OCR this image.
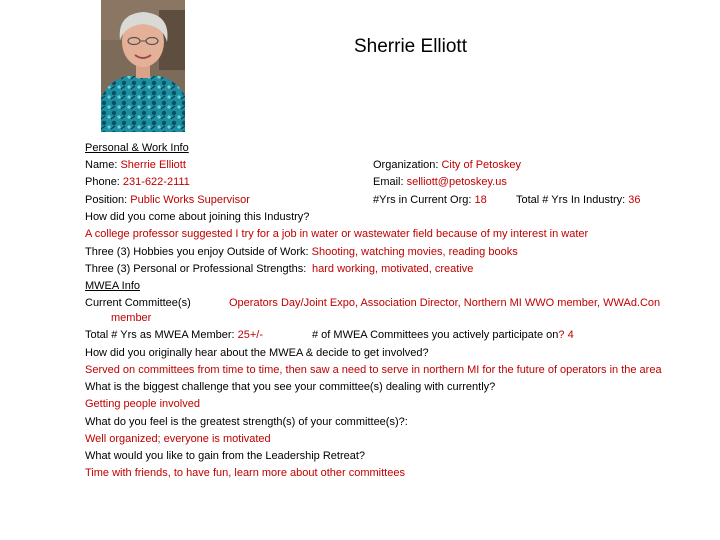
Sherrie Elliott
Personal & Work Info
Name: Sherrie Elliott	Organization: City of Petoskey
Phone: 231-622-2111	Email: selliott@petoskey.us
Position: Public Works Supervisor	#Yrs in Current Org: 18	Total # Yrs In Industry: 36
How did you come about joining this Industry?
A college professor suggested I try for a job in water or wastewater field because of my interest in water
Three (3) Hobbies you enjoy Outside of Work: Shooting, watching movies, reading books
Three (3) Personal or Professional Strengths: hard working, motivated, creative
MWEA Info
Current Committee(s)	Operators Day/Joint Expo, Association Director, Northern MI WWO member, WWAd.Con
member
Total # Yrs as MWEA Member: 25+/-	# of MWEA Committees you actively participate on? 4
How did you originally hear about the MWEA & decide to get involved?
Served on committees from time to time, then saw a need to serve in northern MI for the future of operators in the area
What is the biggest challenge that you see your committee(s) dealing with currently?
Getting people involved
What do you feel is the greatest strength(s) of your committee(s)?:
Well organized; everyone is motivated
What would you like to gain from the Leadership Retreat?
Time with friends, to have fun, learn more about other committees
